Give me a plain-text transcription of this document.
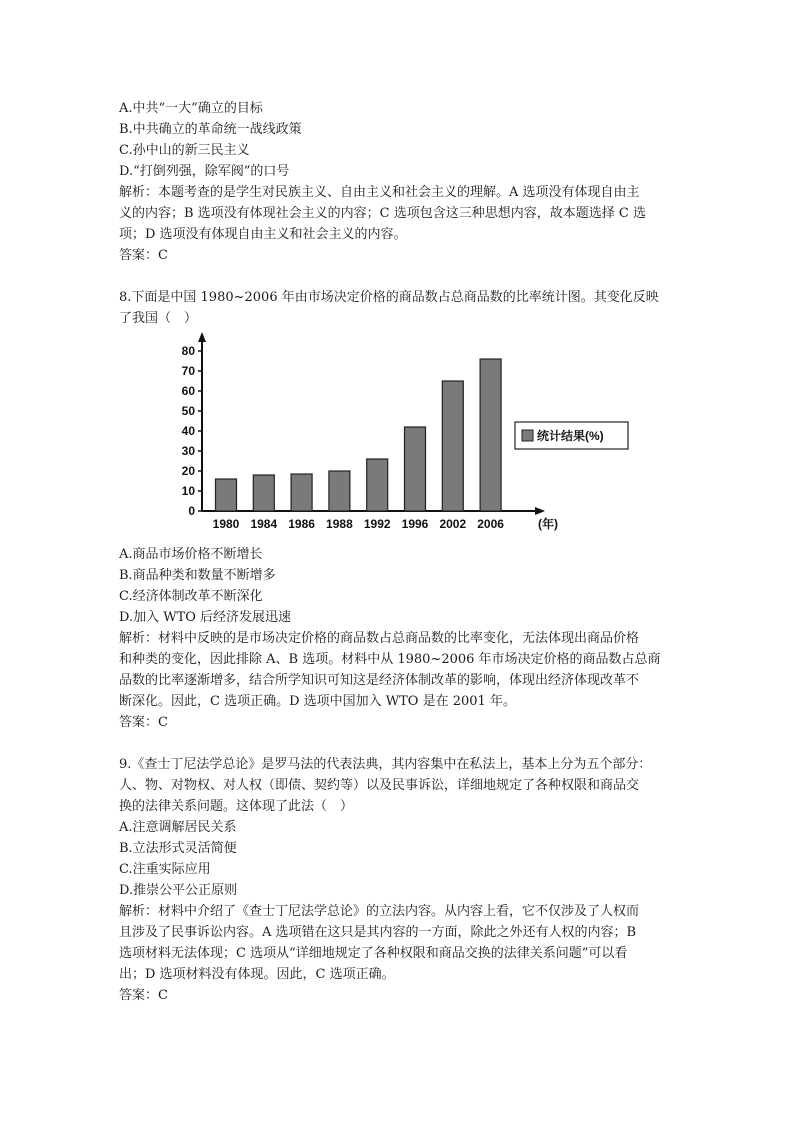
A.中共“一大”确立的目标
B.中共确立的革命统一战线政策
C.孙中山的新三民主义
D.“打倒列强，除军阀”的口号
解析：本题考查的是学生对民族主义、自由主义和社会主义的理解。A 选项没有体现自由主
义的内容；B 选项没有体现社会主义的内容；C 选项包含这三种思想内容，故本题选择 C 选
项；D 选项没有体现自由主义和社会主义的内容。
答案：C
8.下面是中国 1980~2006 年由市场决定价格的商品数占总商品数的比率统计图。其变化反映
了我国（　）
0
10
20
30
40
50
60
70
80
1980 1984 1986 1988 1992 1996 2002 2006	(年)
统计结果(%)
A.商品市场价格不断增长
B.商品种类和数量不断增多
C.经济体制改革不断深化
D.加入 WTO 后经济发展迅速
解析：材料中反映的是市场决定价格的商品数占总商品数的比率变化，无法体现出商品价格
和种类的变化，因此排除 A、B 选项。材料中从 1980~2006 年市场决定价格的商品数占总商
品数的比率逐渐增多，结合所学知识可知这是经济体制改革的影响，体现出经济体现改革不
断深化。因此，C 选项正确。D 选项中国加入 WTO 是在 2001 年。
答案：C
9.《查士丁尼法学总论》是罗马法的代表法典，其内容集中在私法上，基本上分为五个部分：
人、物、对物权、对人权（即债、契约等）以及民事诉讼，详细地规定了各种权限和商品交
换的法律关系问题。这体现了此法（　）
A.注意调解居民关系
B.立法形式灵活简便
C.注重实际应用
D.推崇公平公正原则
解析：材料中介绍了《查士丁尼法学总论》的立法内容。从内容上看，它不仅涉及了人权而
且涉及了民事诉讼内容。A 选项错在这只是其内容的一方面，除此之外还有人权的内容；B
选项材料无法体现；C 选项从“详细地规定了各种权限和商品交换的法律关系问题”可以看
出；D 选项材料没有体现。因此，C 选项正确。
答案：C
